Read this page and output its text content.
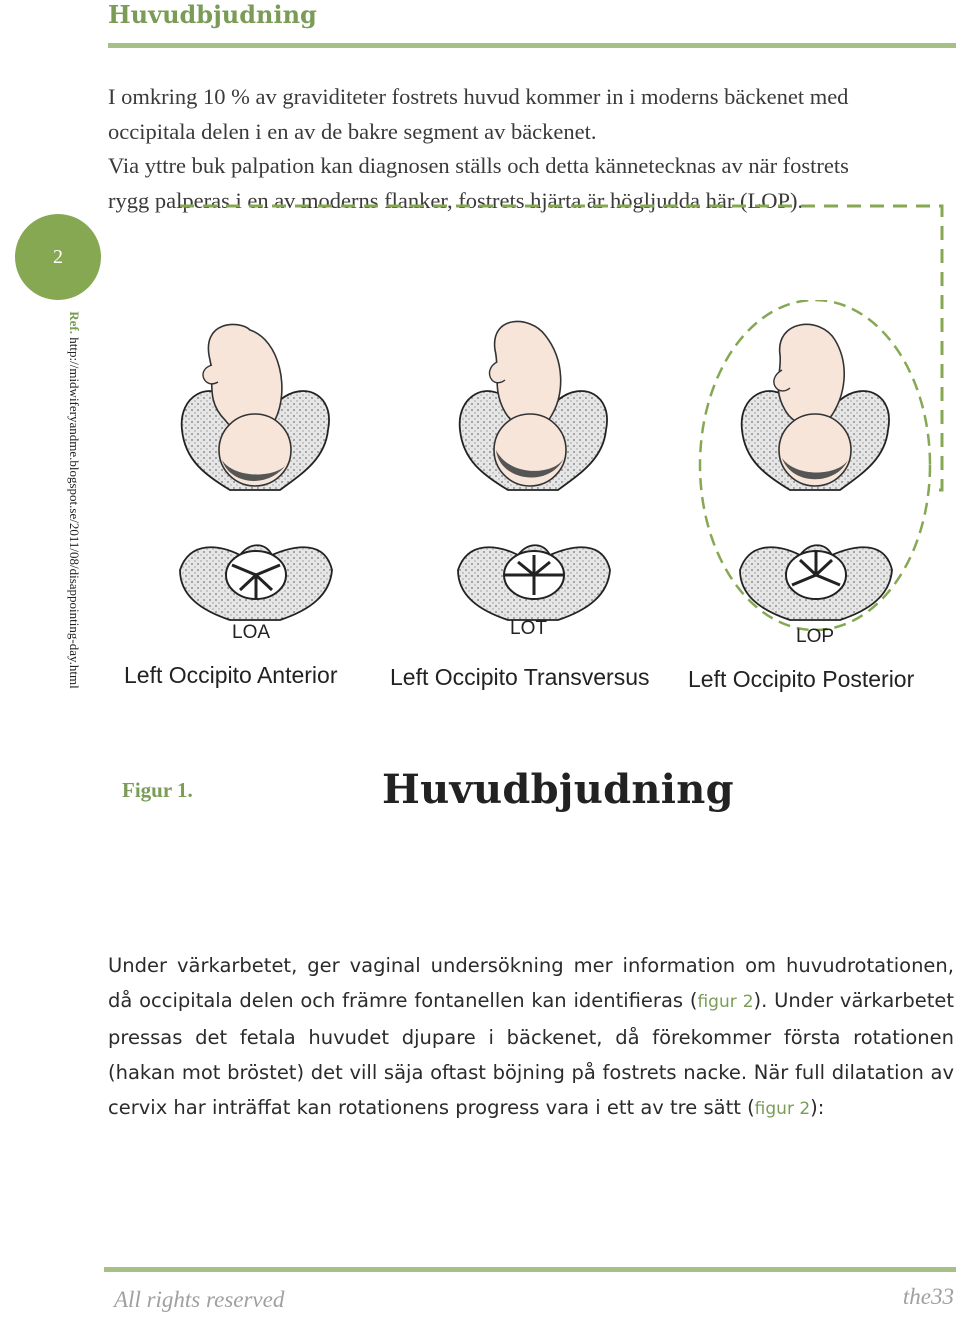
Huvudbjudning
I omkring 10 % av graviditeter fostrets huvud kommer in i moderns bäckenet med
occipitala delen i en av de bakre segment av bäckenet.
Via yttre buk palpation kan diagnosen ställs och detta kännetecknas av när fostrets
rygg palperas i en av moderns flanker, fostrets hjärta är högljudda här (LOP).
2
Ref. http://midwiferyandme.blogspot.se/2011/08/disappointing-day.html	LOA	LOT	LOP
Left Occipito Anterior Left Occipito Transversus Left Occipito Posterior
Figur 1.	Huvudbjudning
Under värkarbetet, ger vaginal undersökning mer information om huvudrotationen, då occipitala delen och främre fontanellen kan identifieras (figur 2). Under värkarbetet pressas det fetala huvudet djupare i bäckenet, då förekommer första rotationen (hakan mot bröstet) det vill säja oftast böjning på fostrets nacke. När full dilatation av cervix har inträffat kan rotationens progress vara i ett av tre sätt (figur 2):
All rights reserved	the33
